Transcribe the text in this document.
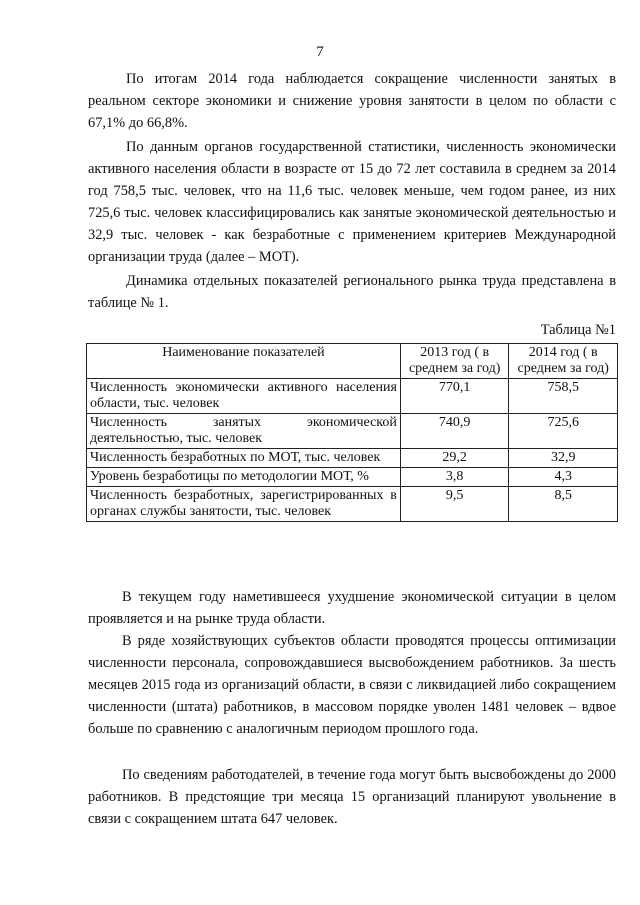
7

По итогам 2014 года наблюдается сокращение численности занятых в реальном секторе экономики и снижение уровня занятости в целом по области с 67,1% до 66,8%.

По данным органов государственной статистики, численность экономически активного населения области в возрасте от 15 до 72 лет составила в среднем за 2014 год 758,5 тыс. человек, что на 11,6 тыс. человек меньше, чем годом ранее, из них 725,6 тыс. человек классифицировались как занятые экономической деятельностью и 32,9 тыс. человек - как безработные с применением критериев Международной организации труда (далее – МОТ).

Динамика отдельных показателей регионального рынка труда представлена в таблице № 1.

Таблица №1
Наименование показателей	2013 год ( в среднем за год)	2014 год ( в среднем за год)
Численность экономически активного населения области, тыс. человек	770,1	758,5
Численность занятых экономической деятельностью, тыс. человек	740,9	725,6
Численность безработных по МОТ, тыс. человек	29,2	32,9
Уровень безработицы по методологии МОТ, %	3,8	4,3
Численность безработных, зарегистрированных в органах службы занятости, тыс. человек	9,5	8,5

В текущем году наметившееся ухудшение экономической ситуации в целом проявляется и на рынке труда области.

В ряде хозяйствующих субъектов области проводятся процессы оптимизации численности персонала, сопровождавшиеся высвобождением работников. За шесть месяцев 2015 года из организаций области, в связи с ликвидацией либо сокращением численности (штата) работников, в массовом порядке уволен 1481 человек – вдвое больше по сравнению с аналогичным периодом прошлого года.

По сведениям работодателей, в течение года могут быть высвобождены до 2000 работников. В предстоящие три месяца 15 организаций планируют увольнение в связи с сокращением штата 647 человек.
